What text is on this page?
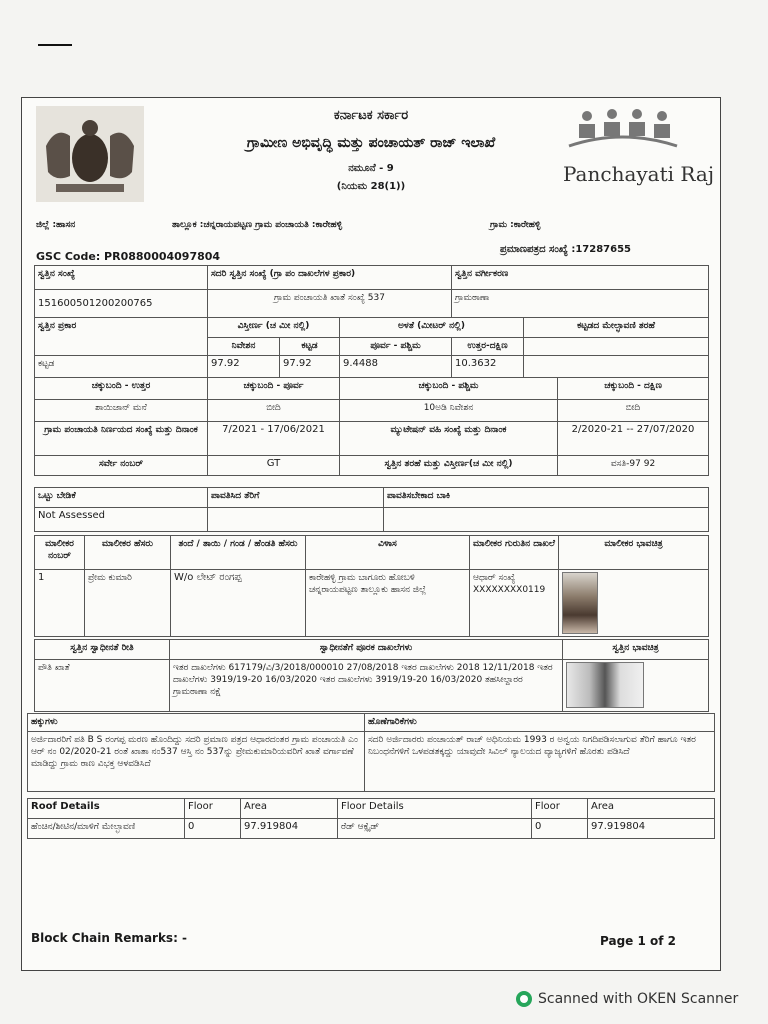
ಕರ್ನಾಟಕ ಸರ್ಕಾರ
ಗ್ರಾಮೀಣ ಅಭಿವೃದ್ಧಿ ಮತ್ತು ಪಂಚಾಯತ್ ರಾಜ್ ಇಲಾಖೆ
ನಮೂನೆ - 9
(ನಿಯಮ 28(1))
Panchayati Raj
ಜಿಲ್ಲೆ :ಹಾಸನ	ತಾಲ್ಲೂಕ :ಚನ್ನರಾಯಪಟ್ಟಣ ಗ್ರಾಮ ಪಂಚಾಯತಿ :ಕಾರೇಹಳ್ಳಿ	ಗ್ರಾಮ :ಕಾರೇಹಳ್ಳಿ
GSC Code: PR0880004097804
ಪ್ರಮಾಣಪತ್ರದ ಸಂಖ್ಯೆ :17287655
ಸ್ವತ್ತಿನ ಸಂಖ್ಯೆ	ಸದರಿ ಸ್ವತ್ತಿನ ಸಂಖ್ಯೆ (ಗ್ರಾ ಪಂ ದಾಖಲೆಗಳ ಪ್ರಕಾರ)			ಸ್ವತ್ತಿನ ವರ್ಗೀಕರಣ		
151600501200200765	ಗ್ರಾಮ ಪಂಚಾಯತಿ ಖಾತೆ ಸಂಖ್ಯೆ 537			ಗ್ರಾಮಠಾಣಾ		
ಸ್ವತ್ತಿನ ಪ್ರಕಾರ	ವಿಸ್ತೀರ್ಣ (ಚ ಮೀ ನಲ್ಲಿ)		ಅಳತೆ (ಮೀಟರ್ ನಲ್ಲಿ)		ಕಟ್ಟಡದ ಮೇಲ್ಛಾವಣಿ ತರಹೆ	
	ನಿವೇಶನ	ಕಟ್ಟಡ	ಪೂರ್ವ - ಪಶ್ಚಿಮ	ಉತ್ತರ-ದಕ್ಷಿಣ		
ಕಟ್ಟಡ	97.92	97.92	9.4488	10.3632		
ಚಕ್ಕುಬಂದಿ - ಉತ್ತರ	ಚಕ್ಕುಬಂದಿ - ಪೂರ್ವ		ಚಕ್ಕುಬಂದಿ - ಪಶ್ಚಿಮ			ಚಕ್ಕುಬಂದಿ - ದಕ್ಷಿಣ
ಶಾಯಿಜಾನ್ ಮನೆ	ಬೀದಿ		10ಅಡಿ ನಿವೇಶನ			ಬೀದಿ
ಗ್ರಾಮ ಪಂಚಾಯತಿ ನಿರ್ಣಯದ ಸಂಖ್ಯೆ ಮತ್ತು ದಿನಾಂಕ	7/2021 - 17/06/2021		ಮ್ಯುಟೇಷನ್ ವಹಿ ಸಂಖ್ಯೆ ಮತ್ತು ದಿನಾಂಕ			2/2020-21 -- 27/07/2020
ಸರ್ವೇ ನಂಬರ್	GT		ಸ್ವತ್ತಿನ ತರಹೆ ಮತ್ತು ವಿಸ್ತೀರ್ಣ(ಚ ಮೀ ನಲ್ಲಿ)			ವಸತಿ-97 92
ಒಟ್ಟು ಬೇಡಿಕೆ	ಪಾವತಿಸಿದ ತೆರಿಗೆ	ಪಾವತಿಸಬೇಕಾದ ಬಾಕಿ
Not Assessed		
ಮಾಲೀಕರ ನಂಬರ್	ಮಾಲೀಕರ ಹೆಸರು	ತಂದೆ / ತಾಯಿ / ಗಂಡ / ಹೆಂಡತಿ ಹೆಸರು	ವಿಳಾಸ	ಮಾಲೀಕರ ಗುರುತಿನ ದಾಖಲೆ	ಮಾಲೀಕರ ಭಾವಚಿತ್ರ
1	ಪ್ರೇಮ ಕುಮಾರಿ	W/o ಲೇಟ್ ರಂಗಪ್ಪ	ಕಾರೇಹಳ್ಳಿ ಗ್ರಾಮ ಬಾಗೂರು ಹೋಬಳಿ ಚನ್ನರಾಯಪಟ್ಟಣ ತಾಲ್ಲೂಕು ಹಾಸನ ಜಿಲ್ಲೆ	ಆಧಾರ್ ಸಂಖ್ಯೆ XXXXXXXX0119	
ಸ್ವತ್ತಿನ ಸ್ವಾಧೀನತೆ ರೀತಿ	ಸ್ವಾಧೀನತೆಗೆ ಪೂರಕ ದಾಖಲೆಗಳು	ಸ್ವತ್ತಿನ ಭಾವಚಿತ್ರ
ಪೌತಿ ಖಾತೆ	ಇತರ ದಾಖಲೆಗಳು 617179/ವಿ/3/2018/000010 27/08/2018 ಇತರ ದಾಖಲೆಗಳು 2018 12/11/2018 ಇತರ ದಾಖಲೆಗಳು 3919/19-20 16/03/2020 ಇತರ ದಾಖಲೆಗಳು 3919/19-20 16/03/2020 ತಹಸೀಲ್ದಾರರ ಗ್ರಾಮಠಾಣಾ ನಕ್ಷೆ	
ಹಕ್ಕುಗಳು	ಹೊಣೆಗಾರಿಕೆಗಳು
ಅರ್ಜಿದಾರರಿಗೆ ಪತಿ B S ರಂಗಪ್ಪ ಮರಣ ಹೊಂದಿದ್ದು ಸದರಿ ಪ್ರಮಾಣ ಪತ್ರದ ಆಧಾರದಂತರ ಗ್ರಾಮ ಪಂಚಾಯತಿ ಎಂ ಆರ್ ನಂ 02/2020-21 ರಂತೆ ಖಾತಾ ನಂ537 ಆಸ್ತಿ ನಂ 537ನ್ನು ಪ್ರೇಮಕುಮಾರಿಯವರಿಗೆ ಖಾತೆ ವರ್ಗಾವಣೆ ಮಾಡಿದ್ದು ಗ್ರಾಮ ಠಾಣ ವಿಭಕ್ತ ಆಳವಡಿಸಿದೆ	ಸದರಿ ಅರ್ಜಿದಾರರು ಪಂಚಾಯತ್ ರಾಜ್ ಅಧಿನಿಯಮ 1993 ರ ಅನ್ವಯ ನಿಗದಿಪಡಿಸಲಾಗುವ ತೆರಿಗೆ ಹಾಗೂ ಇತರ ನಿಬಂಧನೆಗಳಿಗೆ ಒಳಪಡತಕ್ಕದ್ದು ಯಾವುದೇ ಸಿವಿಲ್ ನ್ಯಾಲಯದ ವ್ಯಾಜ್ಯಗಳಿಗೆ ಹೊರತು ಪಡಿಸಿದೆ
Roof Details	Floor	Area	Floor Details	Floor	Area
ಹೆಂಚಿನ/ಶೀಟಿನ/ಮಾಳಿಗೆ ಮೇಲ್ಛಾವಣಿ	0	97.919804	ರೆಡ್ ಆಕ್ಸೈಡ್	0	97.919804
Block Chain Remarks: -	Page 1 of 2
Scanned with OKEN Scanner
